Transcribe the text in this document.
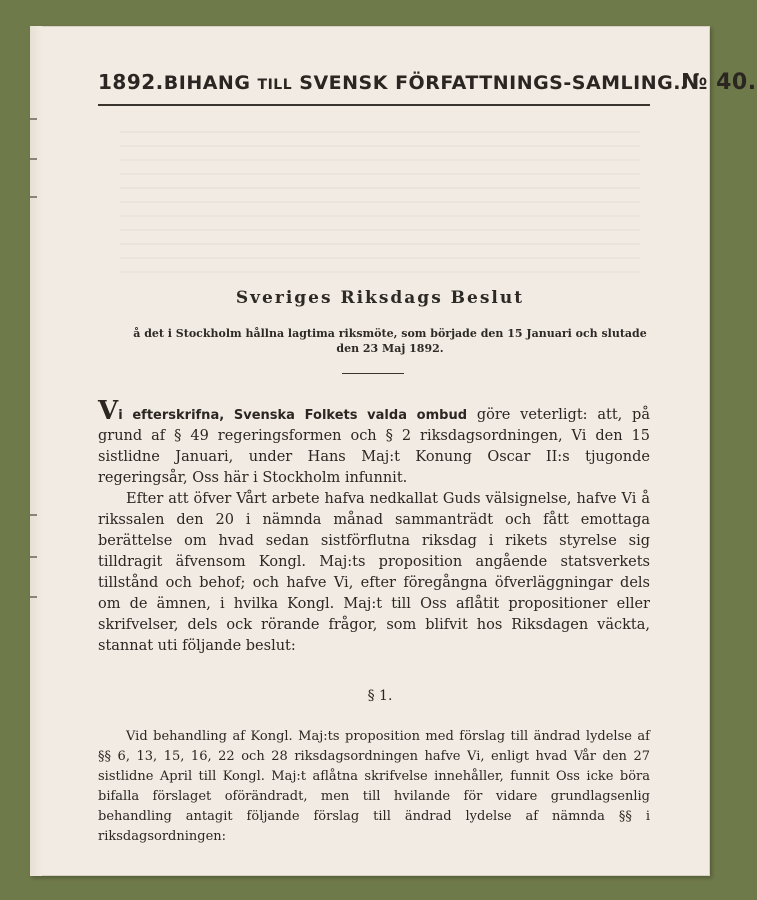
1892. BIHANG TILL SVENSK FÖRFATTNINGS-SAMLING. № 40.
Sveriges Riksdags Beslut
å det i Stockholm hållna lagtima riksmöte, som började den 15 Januari och slutade den 23 Maj 1892.

Vi efterskrifna, Svenska Folkets valda ombud göre veterligt: att, på grund af § 49 regeringsformen och § 2 riksdagsordningen, Vi den 15 sistlidne Januari, under Hans Maj:t Konung Oscar II:s tjugonde regeringsår, Oss här i Stockholm infunnit.

Efter att öfver Vårt arbete hafva nedkallat Guds välsignelse, hafve Vi å rikssalen den 20 i nämnda månad sammanträdt och fått emottaga berättelse om hvad sedan sistförflutna riksdag i rikets styrelse sig tilldragit äfvensom Kongl. Maj:ts proposition angående statsverkets tillstånd och behof; och hafve Vi, efter föregångna öfverläggningar dels om de ämnen, i hvilka Kongl. Maj:t till Oss aflåtit propositioner eller skrifvelser, dels ock rörande frågor, som blifvit hos Riksdagen väckta, stannat uti följande beslut:

§ 1.

Vid behandling af Kongl. Maj:ts proposition med förslag till ändrad lydelse af §§ 6, 13, 15, 16, 22 och 28 riksdagsordningen hafve Vi, enligt hvad Vår den 27 sistlidne April till Kongl. Maj:t aflåtna skrifvelse innehåller, funnit Oss icke böra bifalla förslaget oförändradt, men till hvilande för vidare grundlagsenlig behandling antagit följande förslag till ändrad lydelse af nämnda §§ i riksdagsordningen:
